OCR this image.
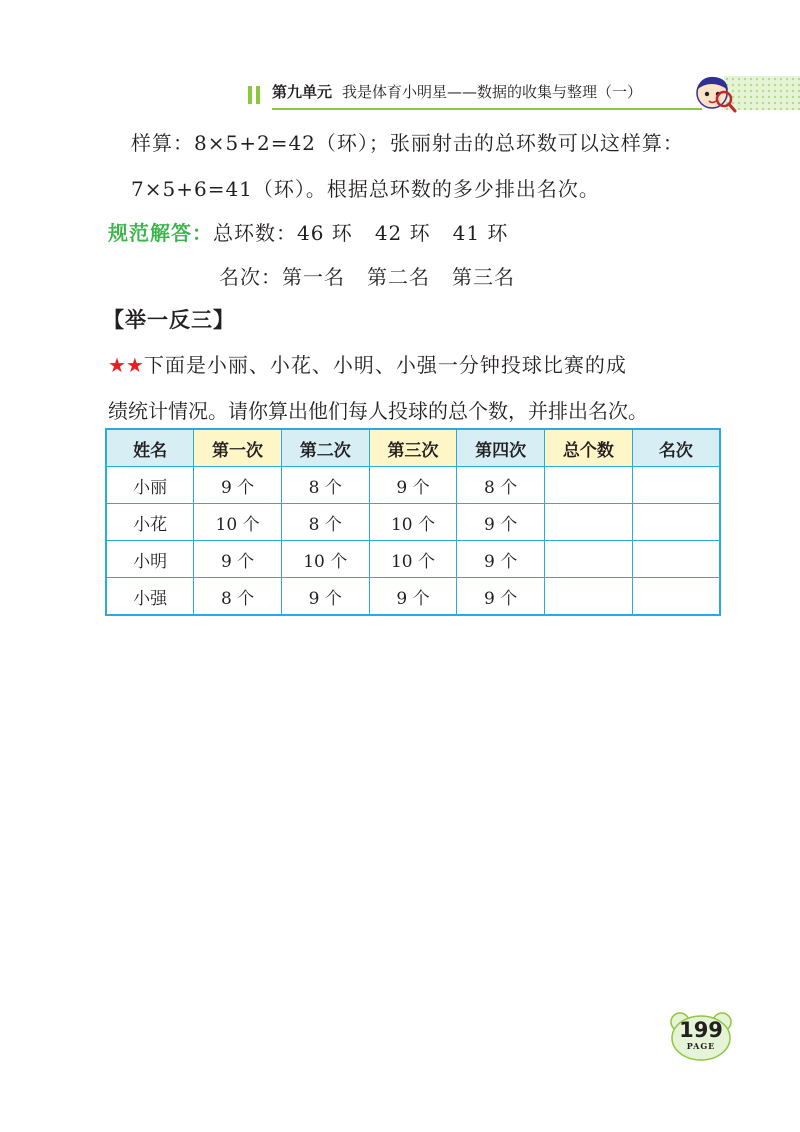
第九单元 我是体育小明星——数据的收集与整理（一）
样算：8×5+2=42（环）；张丽射击的总环数可以这样算：
7×5+6=41（环）。根据总环数的多少排出名次。
规范解答：总环数：46 环 42 环 41 环
名次：第一名 第二名 第三名
【举一反三】
★★下面是小丽、小花、小明、小强一分钟投球比赛的成
绩统计情况。请你算出他们每人投球的总个数，并排出名次。
姓名	第一次	第二次	第三次	第四次	总个数	名次
小丽	9 个	8 个	9 个	8 个		
小花	10 个	8 个	10 个	9 个		
小明	9 个	10 个	10 个	9 个		
小强	8 个	9 个	9 个	9 个		
199
PAGE
